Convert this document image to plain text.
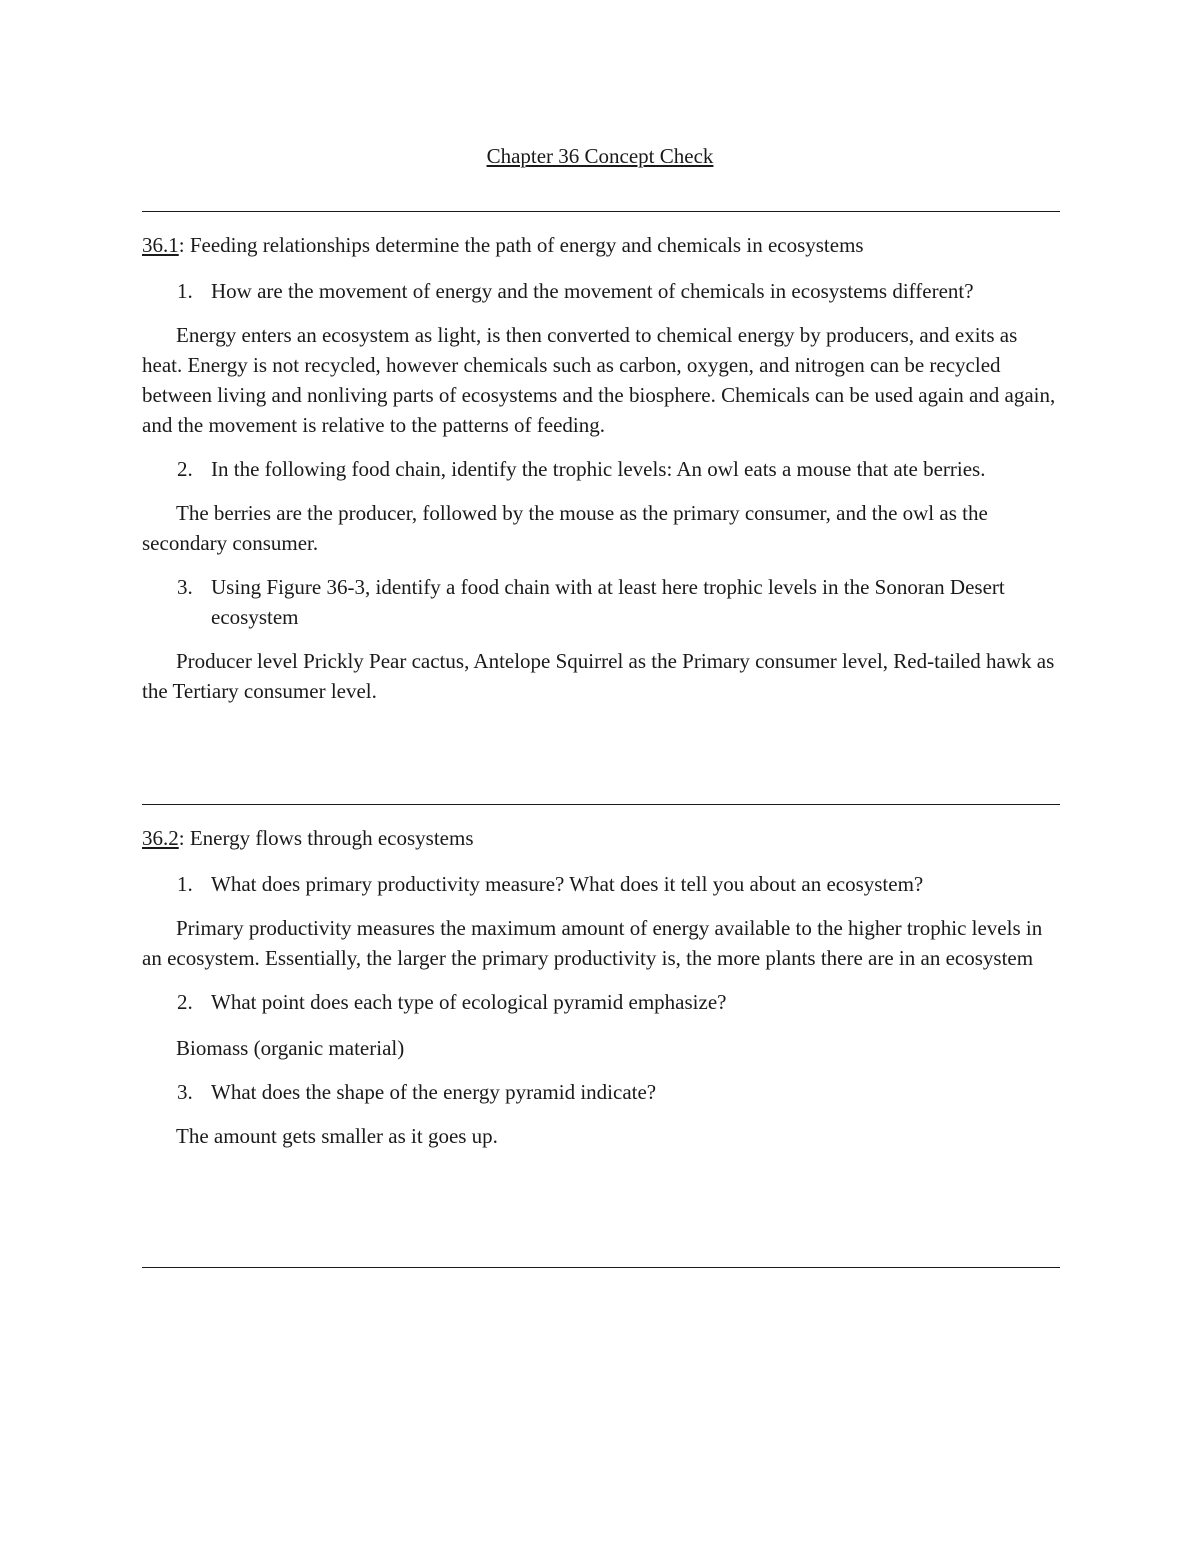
Chapter 36 Concept Check

36.1: Feeding relationships determine the path of energy and chemicals in ecosystems

1. How are the movement of energy and the movement of chemicals in ecosystems different?

Energy enters an ecosystem as light, is then converted to chemical energy by producers, and exits as heat. Energy is not recycled, however chemicals such as carbon, oxygen, and nitrogen can be recycled between living and nonliving parts of ecosystems and the biosphere. Chemicals can be used again and again, and the movement is relative to the patterns of feeding.

2. In the following food chain, identify the trophic levels: An owl eats a mouse that ate berries.

The berries are the producer, followed by the mouse as the primary consumer, and the owl as the secondary consumer.

3. Using Figure 36-3, identify a food chain with at least here trophic levels in the Sonoran Desert ecosystem

Producer level Prickly Pear cactus, Antelope Squirrel as the Primary consumer level, Red-tailed hawk as the Tertiary consumer level.

36.2: Energy flows through ecosystems

1. What does primary productivity measure? What does it tell you about an ecosystem?

Primary productivity measures the maximum amount of energy available to the higher trophic levels in an ecosystem. Essentially, the larger the primary productivity is, the more plants there are in an ecosystem

2. What point does each type of ecological pyramid emphasize?

Biomass (organic material)

3. What does the shape of the energy pyramid indicate?

The amount gets smaller as it goes up.
